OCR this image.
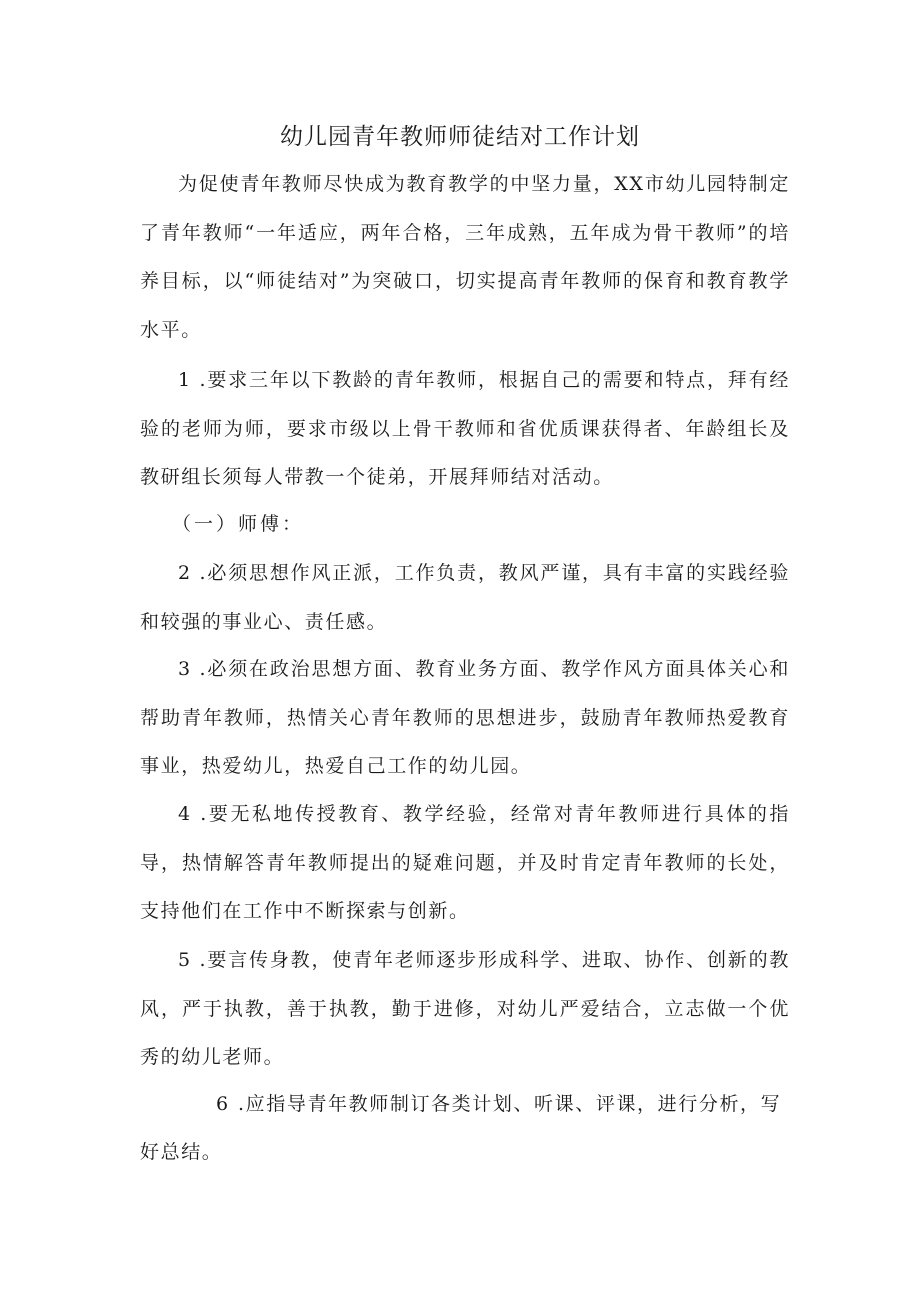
幼儿园青年教师师徒结对工作计划

为促使青年教师尽快成为教育教学的中坚力量，XX市幼儿园特制定了青年教师“一年适应，两年合格，三年成熟，五年成为骨干教师”的培养目标，以“师徒结对”为突破口，切实提高青年教师的保育和教育教学水平。

1 .要求三年以下教龄的青年教师，根据自己的需要和特点，拜有经验的老师为师，要求市级以上骨干教师和省优质课获得者、年龄组长及教研组长须每人带教一个徒弟，开展拜师结对活动。

（一）师傅：

2 .必须思想作风正派，工作负责，教风严谨，具有丰富的实践经验和较强的事业心、责任感。

3 .必须在政治思想方面、教育业务方面、教学作风方面具体关心和帮助青年教师，热情关心青年教师的思想进步，鼓励青年教师热爱教育事业，热爱幼儿，热爱自己工作的幼儿园。

4 .要无私地传授教育、教学经验，经常对青年教师进行具体的指导，热情解答青年教师提出的疑难问题，并及时肯定青年教师的长处，支持他们在工作中不断探索与创新。

5 .要言传身教，使青年老师逐步形成科学、进取、协作、创新的教风，严于执教，善于执教，勤于进修，对幼儿严爱结合，立志做一个优秀的幼儿老师。

6 .应指导青年教师制订各类计划、听课、评课，进行分析，写

好总结。
